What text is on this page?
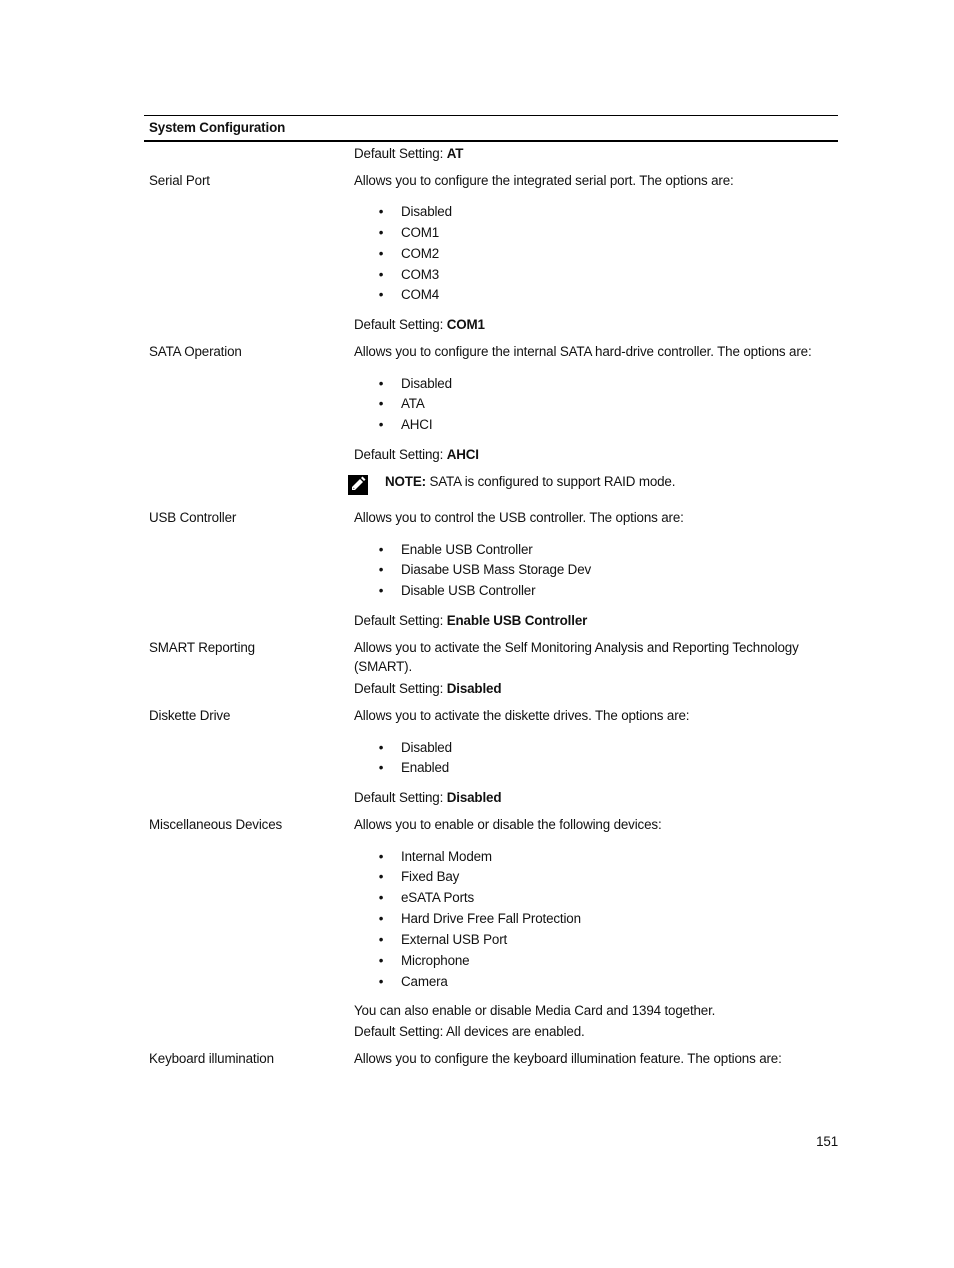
System Configuration
Default Setting: AT
Serial Port	Allows you to configure the integrated serial port. The options are:
• Disabled
• COM1
• COM2
• COM3
• COM4
Default Setting: COM1
SATA Operation	Allows you to configure the internal SATA hard-drive controller. The options are:
• Disabled
• ATA
• AHCI
Default Setting: AHCI
NOTE: SATA is configured to support RAID mode.
USB Controller	Allows you to control the USB controller. The options are:
• Enable USB Controller
• Diasabe USB Mass Storage Dev
• Disable USB Controller
Default Setting: Enable USB Controller
SMART Reporting	Allows you to activate the Self Monitoring Analysis and Reporting Technology
(SMART).
Default Setting: Disabled
Diskette Drive	Allows you to activate the diskette drives. The options are:
• Disabled
• Enabled
Default Setting: Disabled
Miscellaneous Devices	Allows you to enable or disable the following devices:
• Internal Modem
• Fixed Bay
• eSATA Ports
• Hard Drive Free Fall Protection
• External USB Port
• Microphone
• Camera
You can also enable or disable Media Card and 1394 together.
Default Setting: All devices are enabled.
Keyboard illumination	Allows you to configure the keyboard illumination feature. The options are:
151
